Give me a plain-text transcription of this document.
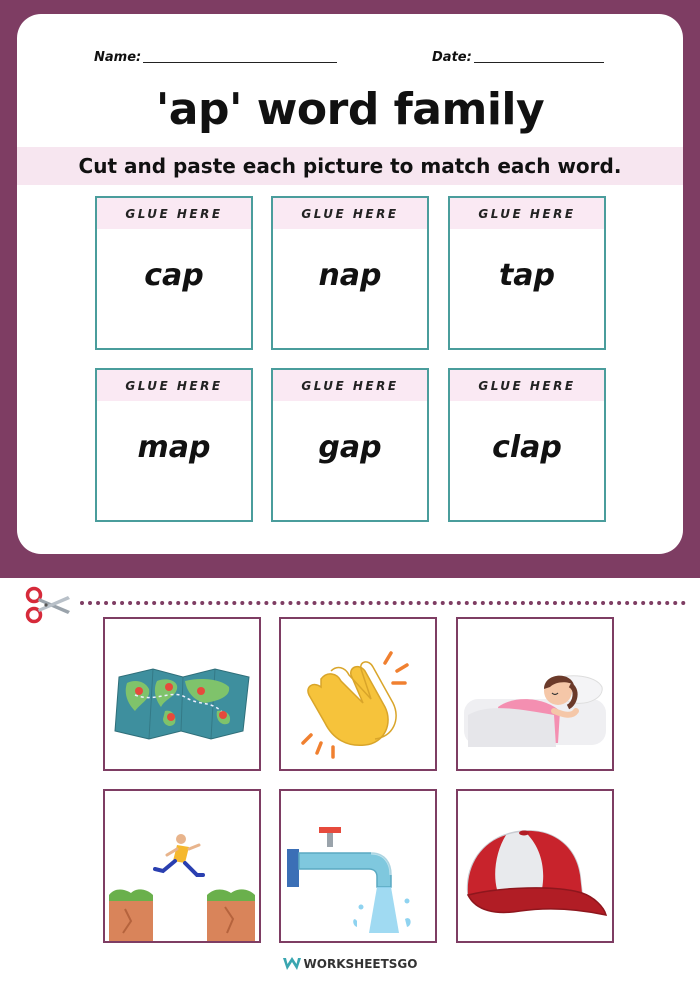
Name:	Date:
'ap' word family
Cut and paste each picture to match each word.
GLUE HERE
cap
GLUE HERE
nap
GLUE HERE
tap
GLUE HERE
map
GLUE HERE
gap
GLUE HERE
clap
WORKSHEETSGO
